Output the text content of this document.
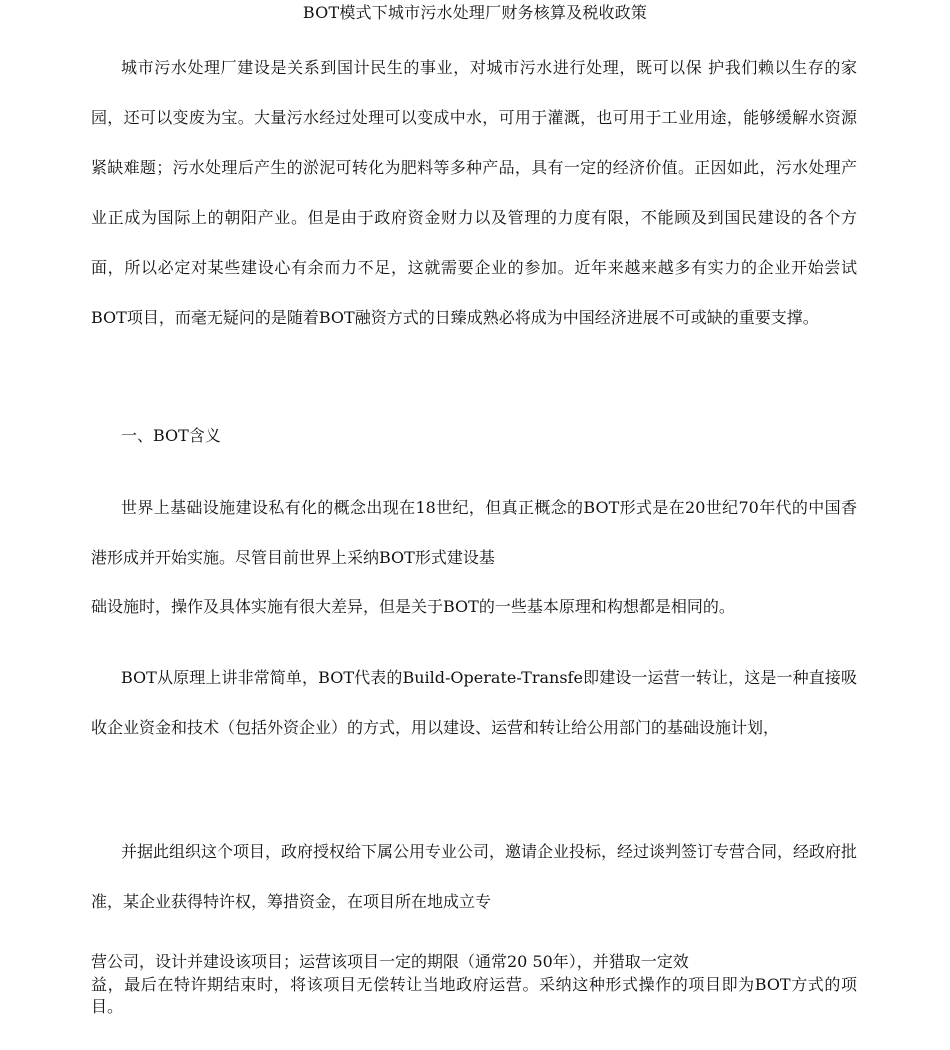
BOT模式下城市污水处理厂财务核算及税收政策

城市污水处理厂建设是关系到国计民生的事业，对城市污水进行处理，既可以保 护我们赖以生存的家园，还可以变废为宝。大量污水经过处理可以变成中水，可用于灌溉，也可用于工业用途，能够缓解水资源紧缺难题；污水处理后产生的淤泥可转化为肥料等多种产品，具有一定的经济价值。正因如此，污水处理产业正成为国际上的朝阳产业。但是由于政府资金财力以及管理的力度有限，不能顾及到国民建设的各个方面，所以必定对某些建设心有余而力不足，这就需要企业的参加。近年来越来越多有实力的企业开始尝试BOT项目，而毫无疑问的是随着BOT融资方式的日臻成熟必将成为中国经济进展不可或缺的重要支撑。

一、BOT含义

世界上基础设施建设私有化的概念出现在18世纪，但真正概念的BOT形式是在20世纪70年代的中国香港形成并开始实施。尽管目前世界上采纳BOT形式建设基

础设施时，操作及具体实施有很大差异，但是关于BOT的一些基本原理和构想都是相同的。

BOT从原理上讲非常简单，BOT代表的Build-Operate-Transfe即建设一运营一转让，这是一种直接吸收企业资金和技术（包括外资企业）的方式，用以建设、运营和转让给公用部门的基础设施计划，

并据此组织这个项目，政府授权给下属公用专业公司，邀请企业投标，经过谈判签订专营合同，经政府批准，某企业获得特许权，筹措资金，在项目所在地成立专

营公司，设计并建设该项目；运营该项目一定的期限（通常20 50年），并猎取一定效

益，最后在特许期结束时，将该项目无偿转让当地政府运营。采纳这种形式操作的项目即为BOT方式的项目。
